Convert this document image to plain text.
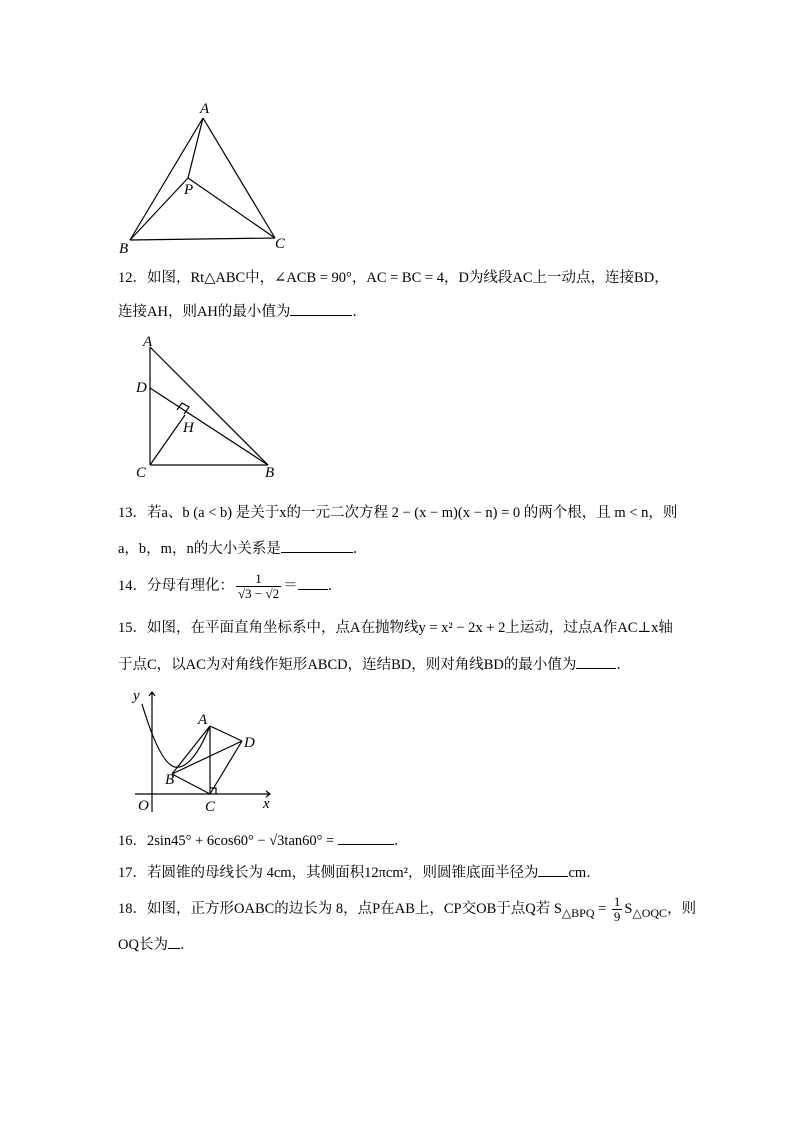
A
P
B	C
12．如图，Rt△ABC中，∠ACB = 90°，AC = BC = 4，D为线段AC上一动点，连接BD，
连接AH，则AH的最小值为	．
A
D
H
C	B
13．若a、b (a < b) 是关于x的一元二次方程 2 − (x − m)(x − n) = 0 的两个根，且 m < n，则
a，b，m，n的大小关系是	．
14．分母有理化： $\frac{1}{√3 - √2}$ ＝ ．
15．如图，在平面直角坐标系中，点A在抛物线y = x² − 2x + 2上运动，过点A作AC⊥x轴
于点C，以AC为对角线作矩形ABCD，连结BD，则对角线BD的最小值为	．
y
x
O
A
B
C
D
16．2sin45° + 6cos60° − √3tan60° =	．
17．若圆锥的母线长为 4cm，其侧面积12πcm²，则圆锥底面半径为 cm．
18．如图，正方形OABC的边长为 8，点P在AB上，CP交OB于点Q若 $S_{\triangle BPQ} = \frac{1}{9} S_{\triangle OQC}$，则
OQ长为 ．
